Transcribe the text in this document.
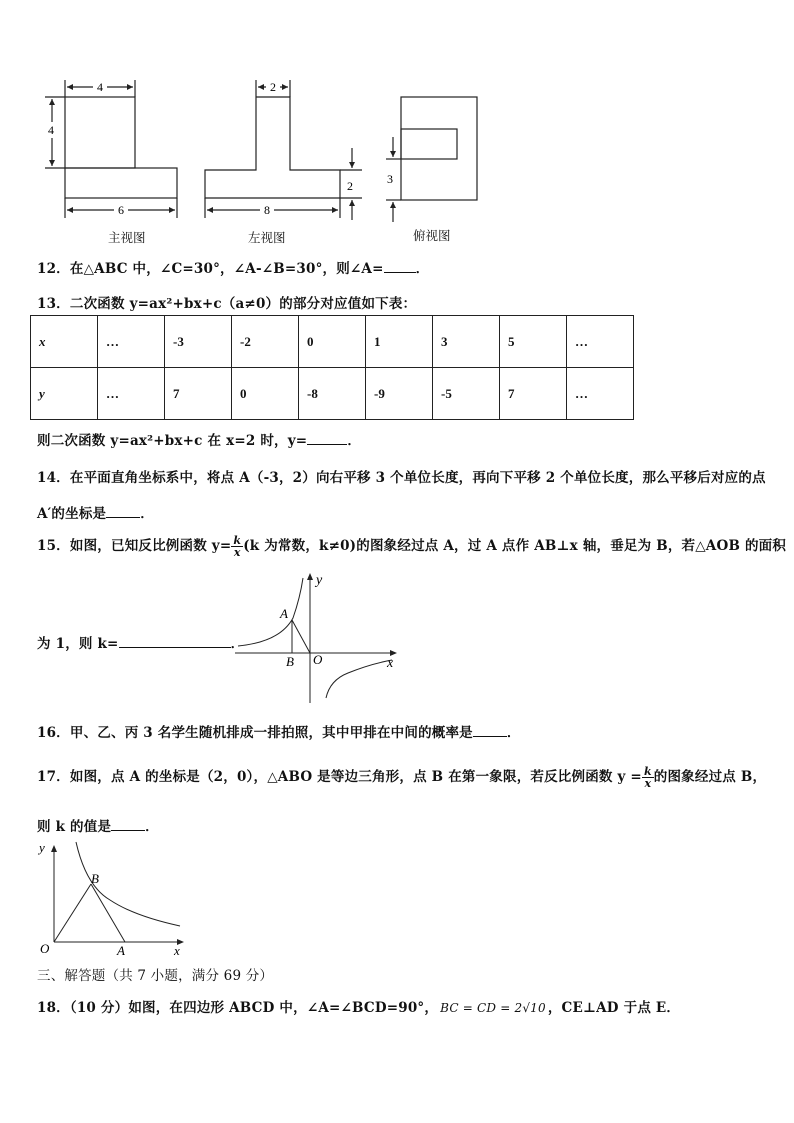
4
4
6
2
2
8
3
主视图	左视图	俯视图
12．在△ABC 中，∠C=30°，∠A-∠B=30°，则∠A= ．
13．二次函数 y=ax²+bx+c（a≠0）的部分对应值如下表：
x	…	-3	-2	0	1	3	5	…
y	…	7	0	-8	-9	-5	7	…
则二次函数 y=ax²+bx+c 在 x=2 时，y=	．
14．在平面直角坐标系中，将点 A（-3，2）向右平移 3 个单位长度，再向下平移 2 个单位长度，那么平移后对应的点
A′的坐标是	．
15．如图，已知反比例函数 $y= \frac{k}{x} (k$ 为常数，k≠0)的图象经过点 A，过 A 点作 AB⊥x 轴，垂足为 B，若△AOB 的面积
为 1，则 k=	．
A
B O	x
y
16．甲、乙、丙 3 名学生随机排成一排拍照，其中甲排在中间的概率是	．
17．如图，点 A 的坐标是（2，0），△ABO 是等边三角形，点 B 在第一象限，若反比例函数 $y = \frac{k}{x}$ 的图象经过点 B，
则 k 的值是	．
B
O	A	x
y
三、解答题（共 7 小题，满分 69 分）
18．（10 分）如图，在四边形 ABCD 中，∠A=∠BCD=90°， BC = CD = 2√10 ，CE⊥AD 于点 E．
